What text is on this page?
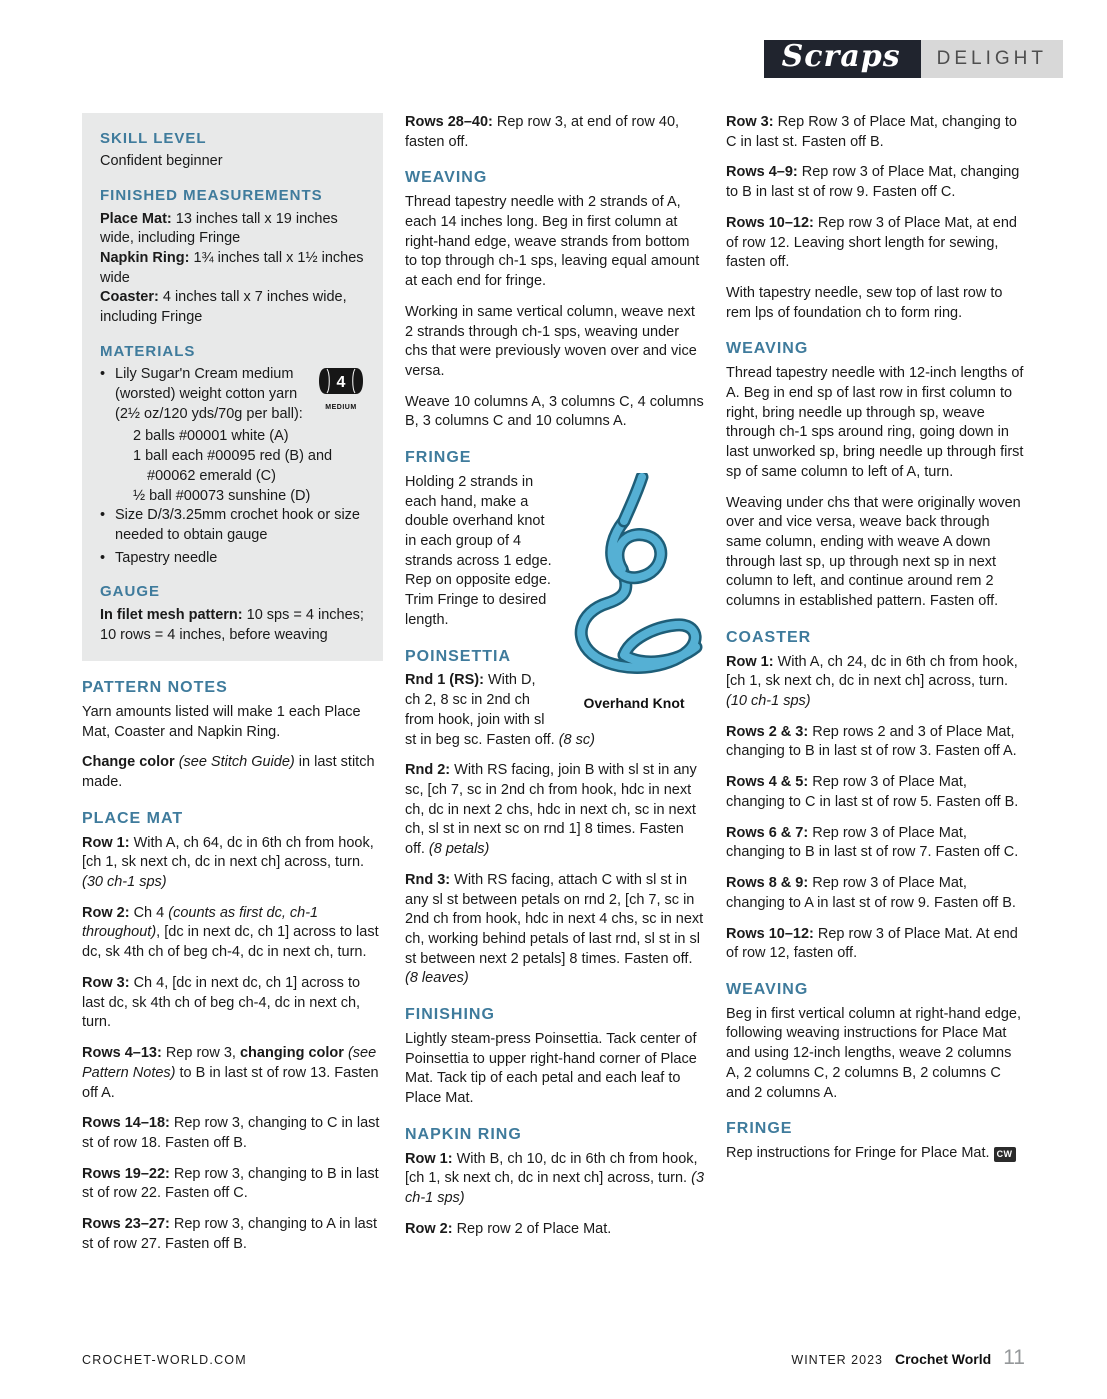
Scraps DELIGHT
SKILL LEVEL

Confident beginner

FINISHED MEASUREMENTS

Place Mat: 13 inches tall x 19 inches wide, including Fringe

Napkin Ring: 1¾ inches tall x 1½ inches wide

Coaster: 4 inches tall x 7 inches wide, including Fringe

MATERIALS
•	4
MEDIUM
Lily Sugar'n Cream medium (worsted) weight cotton yarn (2½ oz/120 yds/70g per ball):
2 balls #00001 white (A)
1 ball each #00095 red (B) and
#00062 emerald (C)
½ ball #00073 sunshine (D)
• Size D/3/3.25mm crochet hook or size needed to obtain gauge
• Tapestry needle
GAUGE

In filet mesh pattern: 10 sps = 4 inches; 10 rows = 4 inches, before weaving

PATTERN NOTES

Yarn amounts listed will make 1 each Place Mat, Coaster and Napkin Ring.

Change color (see Stitch Guide) in last stitch made.

PLACE MAT

Row 1: With A, ch 64, dc in 6th ch from hook, [ch 1, sk next ch, dc in next ch] across, turn. (30 ch-1 sps)

Row 2: Ch 4 (counts as first dc, ch-1 throughout), [dc in next dc, ch 1] across to last dc, sk 4th ch of beg ch-4, dc in next ch, turn.

Row 3: Ch 4, [dc in next dc, ch 1] across to last dc, sk 4th ch of beg ch-4, dc in next ch, turn.

Rows 4–13: Rep row 3, changing color (see Pattern Notes) to B in last st of row 13. Fasten off A.

Rows 14–18: Rep row 3, changing to C in last st of row 18. Fasten off B.

Rows 19–22: Rep row 3, changing to B in last st of row 22. Fasten off C.

Rows 23–27: Rep row 3, changing to A in last st of row 27. Fasten off B.

Rows 28–40: Rep row 3, at end of row 40, fasten off.

WEAVING

Thread tapestry needle with 2 strands of A, each 14 inches long. Beg in first column at right-hand edge, weave strands from bottom to top through ch-1 sps, leaving equal amount at each end for fringe.

Working in same vertical column, weave next 2 strands through ch-1 sps, weaving under chs that were previously woven over and vice versa.

Weave 10 columns A, 3 columns C, 4 columns B, 3 columns C and 10 columns A.

FRINGE
Overhand Knot

Holding 2 strands in each hand, make a double overhand knot in each group of 4 strands across 1 edge. Rep on opposite edge. Trim Fringe to desired length.

POINSETTIA

Rnd 1 (RS): With D, ch 2, 8 sc in 2nd ch from hook, join with sl st in beg sc. Fasten off. (8 sc)

Rnd 2: With RS facing, join B with sl st in any sc, [ch 7, sc in 2nd ch from hook, hdc in next ch, dc in next 2 chs, hdc in next ch, sc in next ch, sl st in next sc on rnd 1] 8 times. Fasten off. (8 petals)

Rnd 3: With RS facing, attach C with sl st in any sl st between petals on rnd 2, [ch 7, sc in 2nd ch from hook, hdc in next 4 chs, sc in next ch, working behind petals of last rnd, sl st in sl st between next 2 petals] 8 times. Fasten off. (8 leaves)

FINISHING

Lightly steam-press Poinsettia. Tack center of Poinsettia to upper right-hand corner of Place Mat. Tack tip of each petal and each leaf to Place Mat.

NAPKIN RING

Row 1: With B, ch 10, dc in 6th ch from hook, [ch 1, sk next ch, dc in next ch] across, turn. (3 ch-1 sps)

Row 2: Rep row 2 of Place Mat.

Row 3: Rep Row 3 of Place Mat, changing to C in last st. Fasten off B.

Rows 4–9: Rep row 3 of Place Mat, changing to B in last st of row 9. Fasten off C.

Rows 10–12: Rep row 3 of Place Mat, at end of row 12. Leaving short length for sewing, fasten off.

With tapestry needle, sew top of last row to rem lps of foundation ch to form ring.

WEAVING

Thread tapestry needle with 12-inch lengths of A. Beg in end sp of last row in first column to right, bring needle up through sp, weave through ch-1 sps around ring, going down in last unworked sp, bring needle up through first sp of same column to left of A, turn.

Weaving under chs that were originally woven over and vice versa, weave back through same column, ending with weave A down through last sp, up through next sp in next column to left, and continue around rem 2 columns in established pattern. Fasten off.

COASTER

Row 1: With A, ch 24, dc in 6th ch from hook, [ch 1, sk next ch, dc in next ch] across, turn. (10 ch-1 sps)

Rows 2 & 3: Rep rows 2 and 3 of Place Mat, changing to B in last st of row 3. Fasten off A.

Rows 4 & 5: Rep row 3 of Place Mat, changing to C in last st of row 5. Fasten off B.

Rows 6 & 7: Rep row 3 of Place Mat, changing to B in last st of row 7. Fasten off C.

Rows 8 & 9: Rep row 3 of Place Mat, changing to A in last st of row 9. Fasten off B.

Rows 10–12: Rep row 3 of Place Mat. At end of row 12, fasten off.

WEAVING

Beg in first vertical column at right-hand edge, following weaving instructions for Place Mat and using 12-inch lengths, weave 2 columns A, 2 columns C, 2 columns B, 2 columns C and 2 columns A.

FRINGE

Rep instructions for Fringe for Place Mat. CW

CROCHET-WORLD.COM	WINTER 2023 Crochet World 11
